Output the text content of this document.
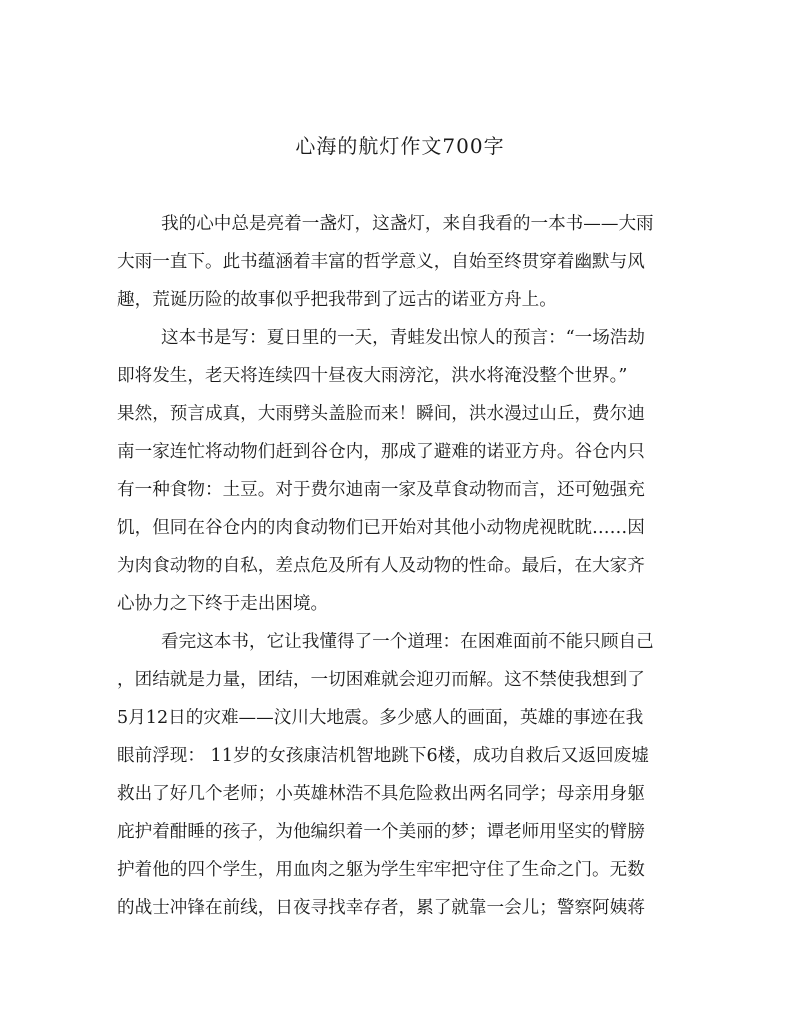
心海的航灯作文700字
我的心中总是亮着一盏灯，这盏灯，来自我看的一本书——大雨
大雨一直下。此书蕴涵着丰富的哲学意义，自始至终贯穿着幽默与风
趣，荒诞历险的故事似乎把我带到了远古的诺亚方舟上。
这本书是写：夏日里的一天，青蛙发出惊人的预言：“一场浩劫
即将发生，老天将连续四十昼夜大雨滂沱，洪水将淹没整个世界。”
果然，预言成真，大雨劈头盖脸而来！瞬间，洪水漫过山丘，费尔迪
南一家连忙将动物们赶到谷仓内，那成了避难的诺亚方舟。谷仓内只
有一种食物：土豆。对于费尔迪南一家及草食动物而言，还可勉强充
饥，但同在谷仓内的肉食动物们已开始对其他小动物虎视眈眈……因
为肉食动物的自私，差点危及所有人及动物的性命。最后，在大家齐
心协力之下终于走出困境。
看完这本书，它让我懂得了一个道理：在困难面前不能只顾自己
，团结就是力量，团结，一切困难就会迎刃而解。这不禁使我想到了
5月12日的灾难——汶川大地震。多少感人的画面，英雄的事迹在我
眼前浮现： 11岁的女孩康洁机智地跳下6楼，成功自救后又返回废墟
救出了好几个老师；小英雄林浩不具危险救出两名同学；母亲用身躯
庇护着酣睡的孩子，为他编织着一个美丽的梦；谭老师用坚实的臂膀
护着他的四个学生，用血肉之躯为学生牢牢把守住了生命之门。无数
的战士冲锋在前线，日夜寻找幸存者，累了就靠一会儿；警察阿姨蒋
